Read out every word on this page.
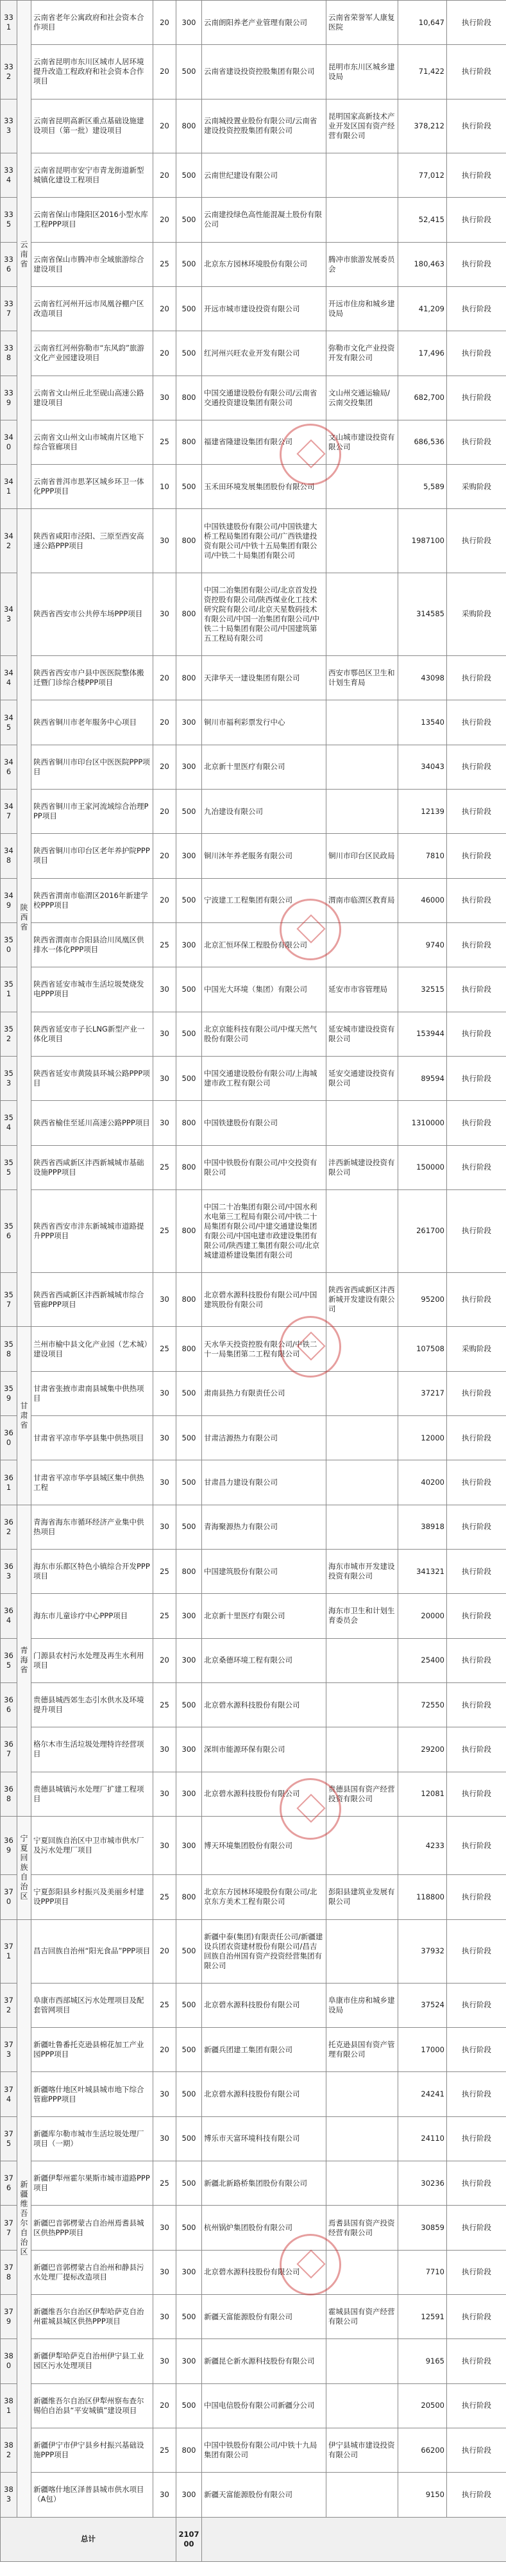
331	云南省	云南省老年公寓政府和社会资本合作项目	20	300	云南朗阳养老产业管理有限公司	云南省荣誉军人康复医院	10,647	执行阶段
332		云南省昆明市东川区城市人居环境提升改造工程政府和社会资本合作项目	20	500	云南省建设投资控股集团有限公司	昆明市东川区城乡建设局	71,422	执行阶段
333		云南省昆明高新区重点基础设施建设项目（第一批）建设项目	20	800	云南城投置业股份有限公司/云南省建设投资控股集团有限公司	昆明国家高新技术产业开发区国有资产经营有限公司	378,212	执行阶段
334		云南省昆明市安宁市青龙街道新型城镇化建设工程项目	20	500	云南世纪建设有限公司		77,012	执行阶段
335		云南省保山市隆阳区2016小型水库工程PPP项目	20	500	云南建投绿色高性能混凝土股份有限公司		52,415	执行阶段
336		云南省保山市腾冲市全域旅游综合建设项目	25	500	北京东方园林环境股份有限公司	腾冲市旅游发展委员会	180,463	执行阶段
337		云南省红河州开远市凤凰谷棚户区改造项目	20	500	开远市城市建设投资有限公司	开远市住房和城乡建设局	41,209	执行阶段
338		云南省红河州弥勒市“东风韵”旅游文化产业园建设项目	20	500	红河州兴旺农业开发有限公司	弥勒市文化产业投资开发有限公司	17,496	执行阶段
339		云南省文山州丘北至砚山高速公路建设项目	30	800	中国交通建设股份有限公司/云南省交通投资建设集团有限公司	文山州交通运输局/云南交投集团	682,700	执行阶段
340		云南省文山州文山市城南片区地下综合管廊项目	25	800	福建省隆建设集团有限公司	文山城市建设投资有限公司	686,536	执行阶段
341		云南省普洱市思茅区城乡环卫一体化PPP项目	10	500	玉禾田环境发展集团股份有限公司		5,589	采购阶段
342	陕西省	陕西省咸阳市泾阳、三原至西安高速公路PPP项目	30	800	中国铁建股份有限公司/中国铁建大桥工程局集团有限公司/广西铁建投资有限公司/中铁十五局集团有限公司/中铁二十局集团有限公司		1987100	执行阶段
343		陕西省西安市公共停车场PPP项目	30	800	中国二冶集团有限公司/北京首发投资控股有限公司/陕西煤业化工技术研究院有限公司/北京天星数码技术有限公司/中国一冶集团有限公司/中铁二十局集团有限公司/中国建筑第五工程局有限公司		314585	采购阶段
344		陕西省西安市户县中医医院整体搬迁暨门诊综合楼PPP项目	20	800	天津华天一建设集团有限公司	西安市鄠邑区卫生和计划生育局	43098	执行阶段
345		陕西省铜川市老年服务中心项目	20	300	铜川市福利彩票发行中心		13540	执行阶段
346		陕西省铜川市印台区中医医院PPP项目	20	300	北京新十里医疗有限公司		34043	执行阶段
347		陕西省铜川市王家河流域综合治理PPP项目	20	500	九冶建设有限公司		12139	执行阶段
348		陕西省铜川市印台区老年养护院PPP项目	20	300	铜川沐年养老服务有限公司	铜川市印台区民政局	7810	执行阶段
349		陕西省渭南市临渭区2016年新建学校PPP项目	20	500	宁波建工工程集团有限公司	渭南市临渭区教育局	46000	执行阶段
350		陕西省渭南市合阳县洽川凤凰区供排水一体化PPP项目	25	300	北京汇恒环保工程股份有限公司		9740	执行阶段
351		陕西省延安市城市生活垃圾焚烧发电PPP项目	30	500	中国光大环境（集团）有限公司	延安市市容管理局	32515	执行阶段
352		陕西省延安市子长LNG新型产业一体化项目	30	500	北京京能科技有限公司/中煤天然气股份有限公司	延安城市建设投资有限公司	153944	执行阶段
353		陕西省延安市黄陵县环城公路PPP项目	30	500	中国交通建设股份有限公司/上海城建市政工程有限公司	延安交通建设投资有限公司	89594	执行阶段
354		陕西省榆佳至延川高速公路PPP项目	30	800	中国铁建股份有限公司		1310000	执行阶段
355		陕西省西咸新区沣西新城城市基础设施PPP项目	25	800	中国中铁股份有限公司/中交投资有限公司	沣西新城建设投资有限公司	150000	执行阶段
356		陕西省西安市沣东新城城市道路提升PPP项目	25	800	中国二十冶集团有限公司/中国水利水电第三工程局有限公司/中铁二十局集团有限公司/中建交通建设集团有限公司/中国电建市政建设集团有限公司/陕西建工集团有限公司/北京城建道桥建设集团有限公司		261700	执行阶段
357		陕西省西咸新区沣西新城城市综合管廊PPP项目	30	800	北京碧水源科技股份有限公司/中国建筑股份有限公司	陕西省西咸新区沣西新城开发建设有限公司	95200	执行阶段
358	甘肃省	兰州市榆中县文化产业园（艺术城）建设项目	25	800	天水华天投资控股有限公司/中铁二十一局集团第二工程有限公司		107508	采购阶段
359		甘肃省张掖市肃南县城集中供热项目	30	500	肃南县热力有限责任公司		37217	执行阶段
360		甘肃省平凉市华亭县集中供热项目	30	500	甘肃洁源热力有限公司		12000	执行阶段
361		甘肃省平凉市华亭县城区集中供热工程	30	500	甘肃昌力建设有限公司		40200	执行阶段
362	青海省	青海省海东市循环经济产业集中供热项目	30	500	青海聚源热力有限公司		38918	执行阶段
363		海东市乐都区特色小镇综合开发PPP项目	25	800	中国建筑股份有限公司	海东市城市开发建设投资有限公司	341321	执行阶段
364		海东市儿童诊疗中心PPP项目	25	300	北京新十里医疗有限公司	海东市卫生和计划生育委员会	20000	执行阶段
365		门源县农村污水处理及再生水利用项目	20	300	北京桑德环境工程有限公司		25400	执行阶段
366		贵德县城西郊生态引水供水及环境提升项目	25	500	北京碧水源科技股份有限公司		72550	执行阶段
367		格尔木市生活垃圾处理特许经营项目	30	300	深圳市能源环保有限公司		29200	执行阶段
368		贵德县城镇污水处理厂扩建工程项目	30	300	北京碧水源科技股份有限公司	贵德县国有资产经营投资有限公司	12081	执行阶段
369	宁夏回族自治区	宁夏回族自治区中卫市城市供水厂及污水处理厂项目	30	300	博天环境集团股份有限公司		4233	执行阶段
370		宁夏彭阳县乡村振兴及美丽乡村建设PPP项目	25	800	北京东方园林环境股份有限公司/北京东方美术工程有限公司	彭阳县建筑业发展有限公司	118800	执行阶段
371	新疆维吾尔自治区	昌吉回族自治州“阳光食品”PPP项目	20	500	新疆中泰(集团)有限责任公司/新疆建设兵团农资建材股份有限公司/昌吉回族自治州国有资产投资经营集团有限公司		37932	执行阶段
372		阜康市西部城区污水处理项目及配套管网项目	25	500	北京碧水源科技股份有限公司	阜康市住房和城乡建设局	37524	执行阶段
373		新疆吐鲁番托克逊县棉花加工产业园PPP项目	20	500	新疆兵团建工集团有限公司	托克逊县国有资产管理有限公司	17000	执行阶段
374		新疆喀什地区叶城县城市地下综合管廊PPP项目	30	500	北京碧水源科技股份有限公司		24241	执行阶段
375		新疆库尔勒市城市生活垃圾处理厂项目（一期）	30	500	博乐市天富环境科技有限公司		24110	执行阶段
376		新疆伊犁州霍尔果斯市城市道路PPP项目	25	500	新疆北新路桥集团股份有限公司		30236	执行阶段
377		新疆巴音郭楞蒙古自治州焉耆县城区供热PPP项目	30	500	杭州锅炉集团股份有限公司	焉耆县国有资产投资经营有限公司	30859	执行阶段
378		新疆巴音郭楞蒙古自治州和静县污水处理厂提标改造项目	30	300	北京碧水源科技股份有限公司		7710	执行阶段
379		新疆维吾尔自治区伊犁哈萨克自治州霍城县城区供热PPP项目	30	500	新疆天富能源股份有限公司	霍城县国有资产经营有限公司	12591	执行阶段
380		新疆伊犁哈萨克自治州伊宁县工业园区污水处理项目	30	300	新疆昆仑新水源科技股份有限公司		9165	执行阶段
381		新疆维吾尔自治区伊犁州察布查尔锡伯自治县“平安城镇”建设项目	20	500	中国电信股份有限公司新疆分公司		20500	执行阶段
382		新疆伊宁市伊宁县乡村振兴基础设施PPP项目	25	800	中国中铁股份有限公司/中铁十九局集团有限公司	伊宁县城市建设投资有限公司	66200	执行阶段
383		新疆喀什地区泽普县城市供水项目（A包）	30	300	新疆天富能源股份有限公司		9150	执行阶段
总计				210700				
